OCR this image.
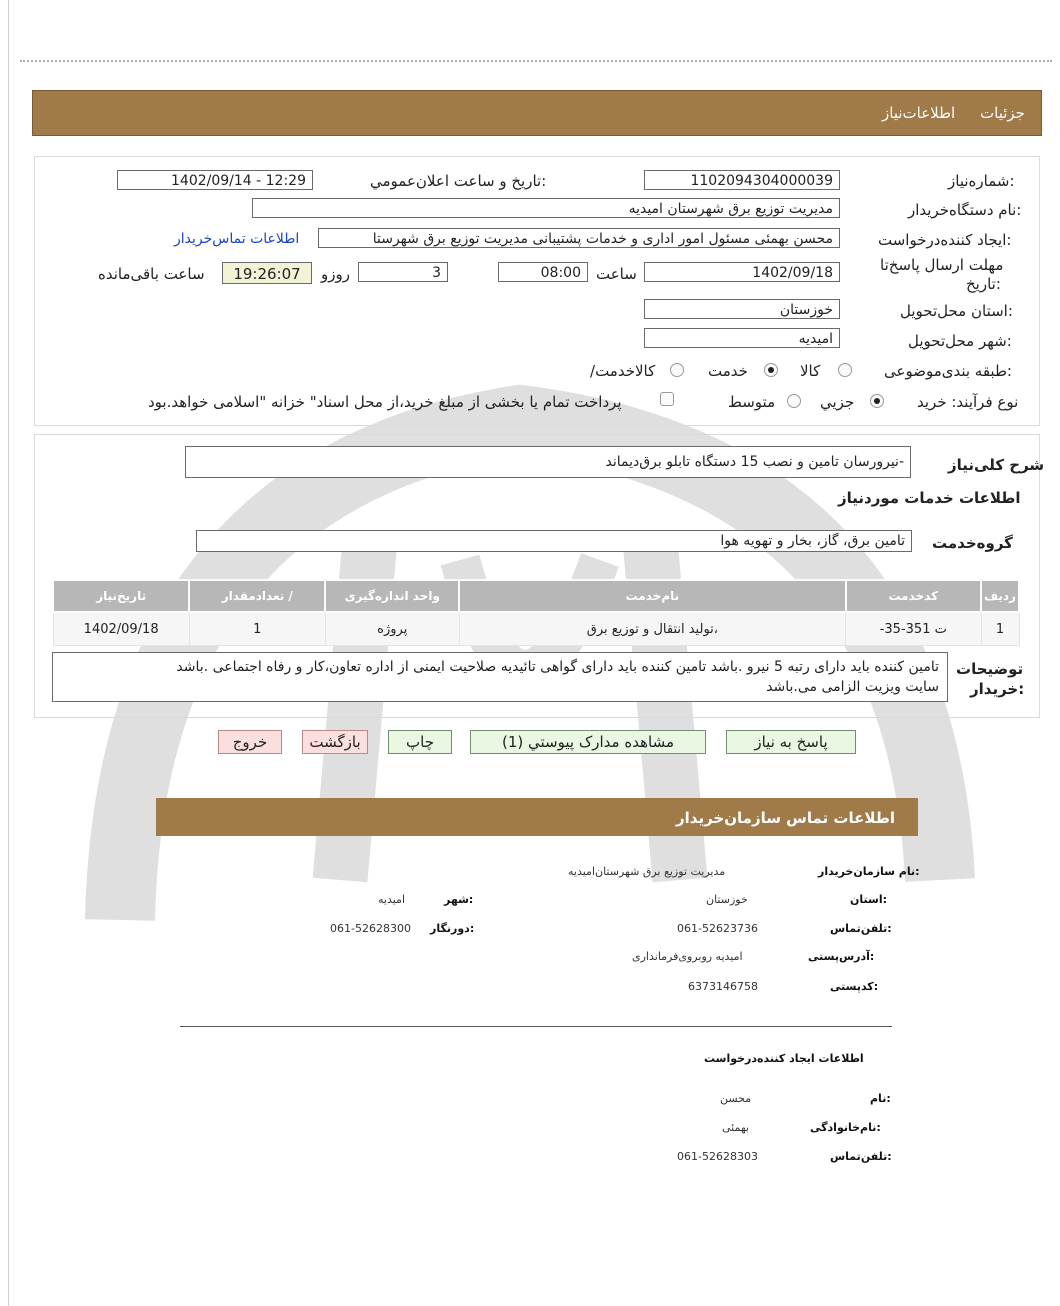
جزئیات
اطلاعات‌نیاز
شماره‌نیاز:
1102094304000039
تاریخ و ساعت اعلان‌عمومي:
1402/09/14 - 12:29
نام دستگاه‌خريدار:
مدیریت توزیع برق شهرستان امیدیه
ایجاد کننده‌درخواست:
محسن بهمئی مسئول امور اداری و خدمات پشتیبانی مدیریت توزیع برق شهرستا
اطلاعات تماس‌خریدار
مهلت ارسال پاسخ‌تا
تاریخ:
1402/09/18
ساعت
08:00
3
روزو
19:26:07
ساعت باقی‌مانده
استان محل‌تحویل:
خوزستان
شهر محل‌تحویل:
امیدیه
طبقه بندی‌موضوعی:
کالا
خدمت
/کالاخدمت
نوع فرآیند: خرید
جزيي
متوسط
پرداخت تمام یا بخشی از مبلغ خرید،از محل اسناد" خزانه "اسلامی خواهد.بود
شرح کلی‌نیاز
-نیرورسان تامین و نصب 15 دستگاه تابلو برق‌دیماند
اطلاعات خدمات موردنیاز
گروه‌خدمت
تامین برق، گاز، بخار و تهویه هوا
ردیف	کدخدمت	نام‌خدمت	واحد اندازه‌گیری	/ تعدادمقدار	تاریخ‌نیاز
1	ت 351-35-	،تولید انتقال و توزیع برق	پروژه	1	1402/09/18
توضیحات
خریدار:
تامین کننده باید دارای رتبه 5 نیرو .باشد تامین کننده باید دارای گواهی تائیدیه صلاحیت ایمنی از اداره تعاون،کار و رفاه اجتماعی .باشد
سایت ویزیت الزامی می.باشد
پاسخ به نیاز
مشاهده مدارک پیوستي (1)
چاپ
بازگشت
خروج
اطلاعات تماس سازمان‌خریدار
نام سازمان‌خریدار:
مدیریت توزیع برق شهرستان‌امیدیه
استان:
خوزستان
شهر:
امیدیه
تلفن‌تماس:
061-52623736
دورنگار:
061-52628300
آدرس‌پستی:
امیدیه روبروی‌فرمانداری
کدپستی:
6373146758
اطلاعات ایجاد کننده‌درخواست
نام:
محسن
نام‌خانوادگی:
بهمئی
تلفن‌تماس:
061-52628303
